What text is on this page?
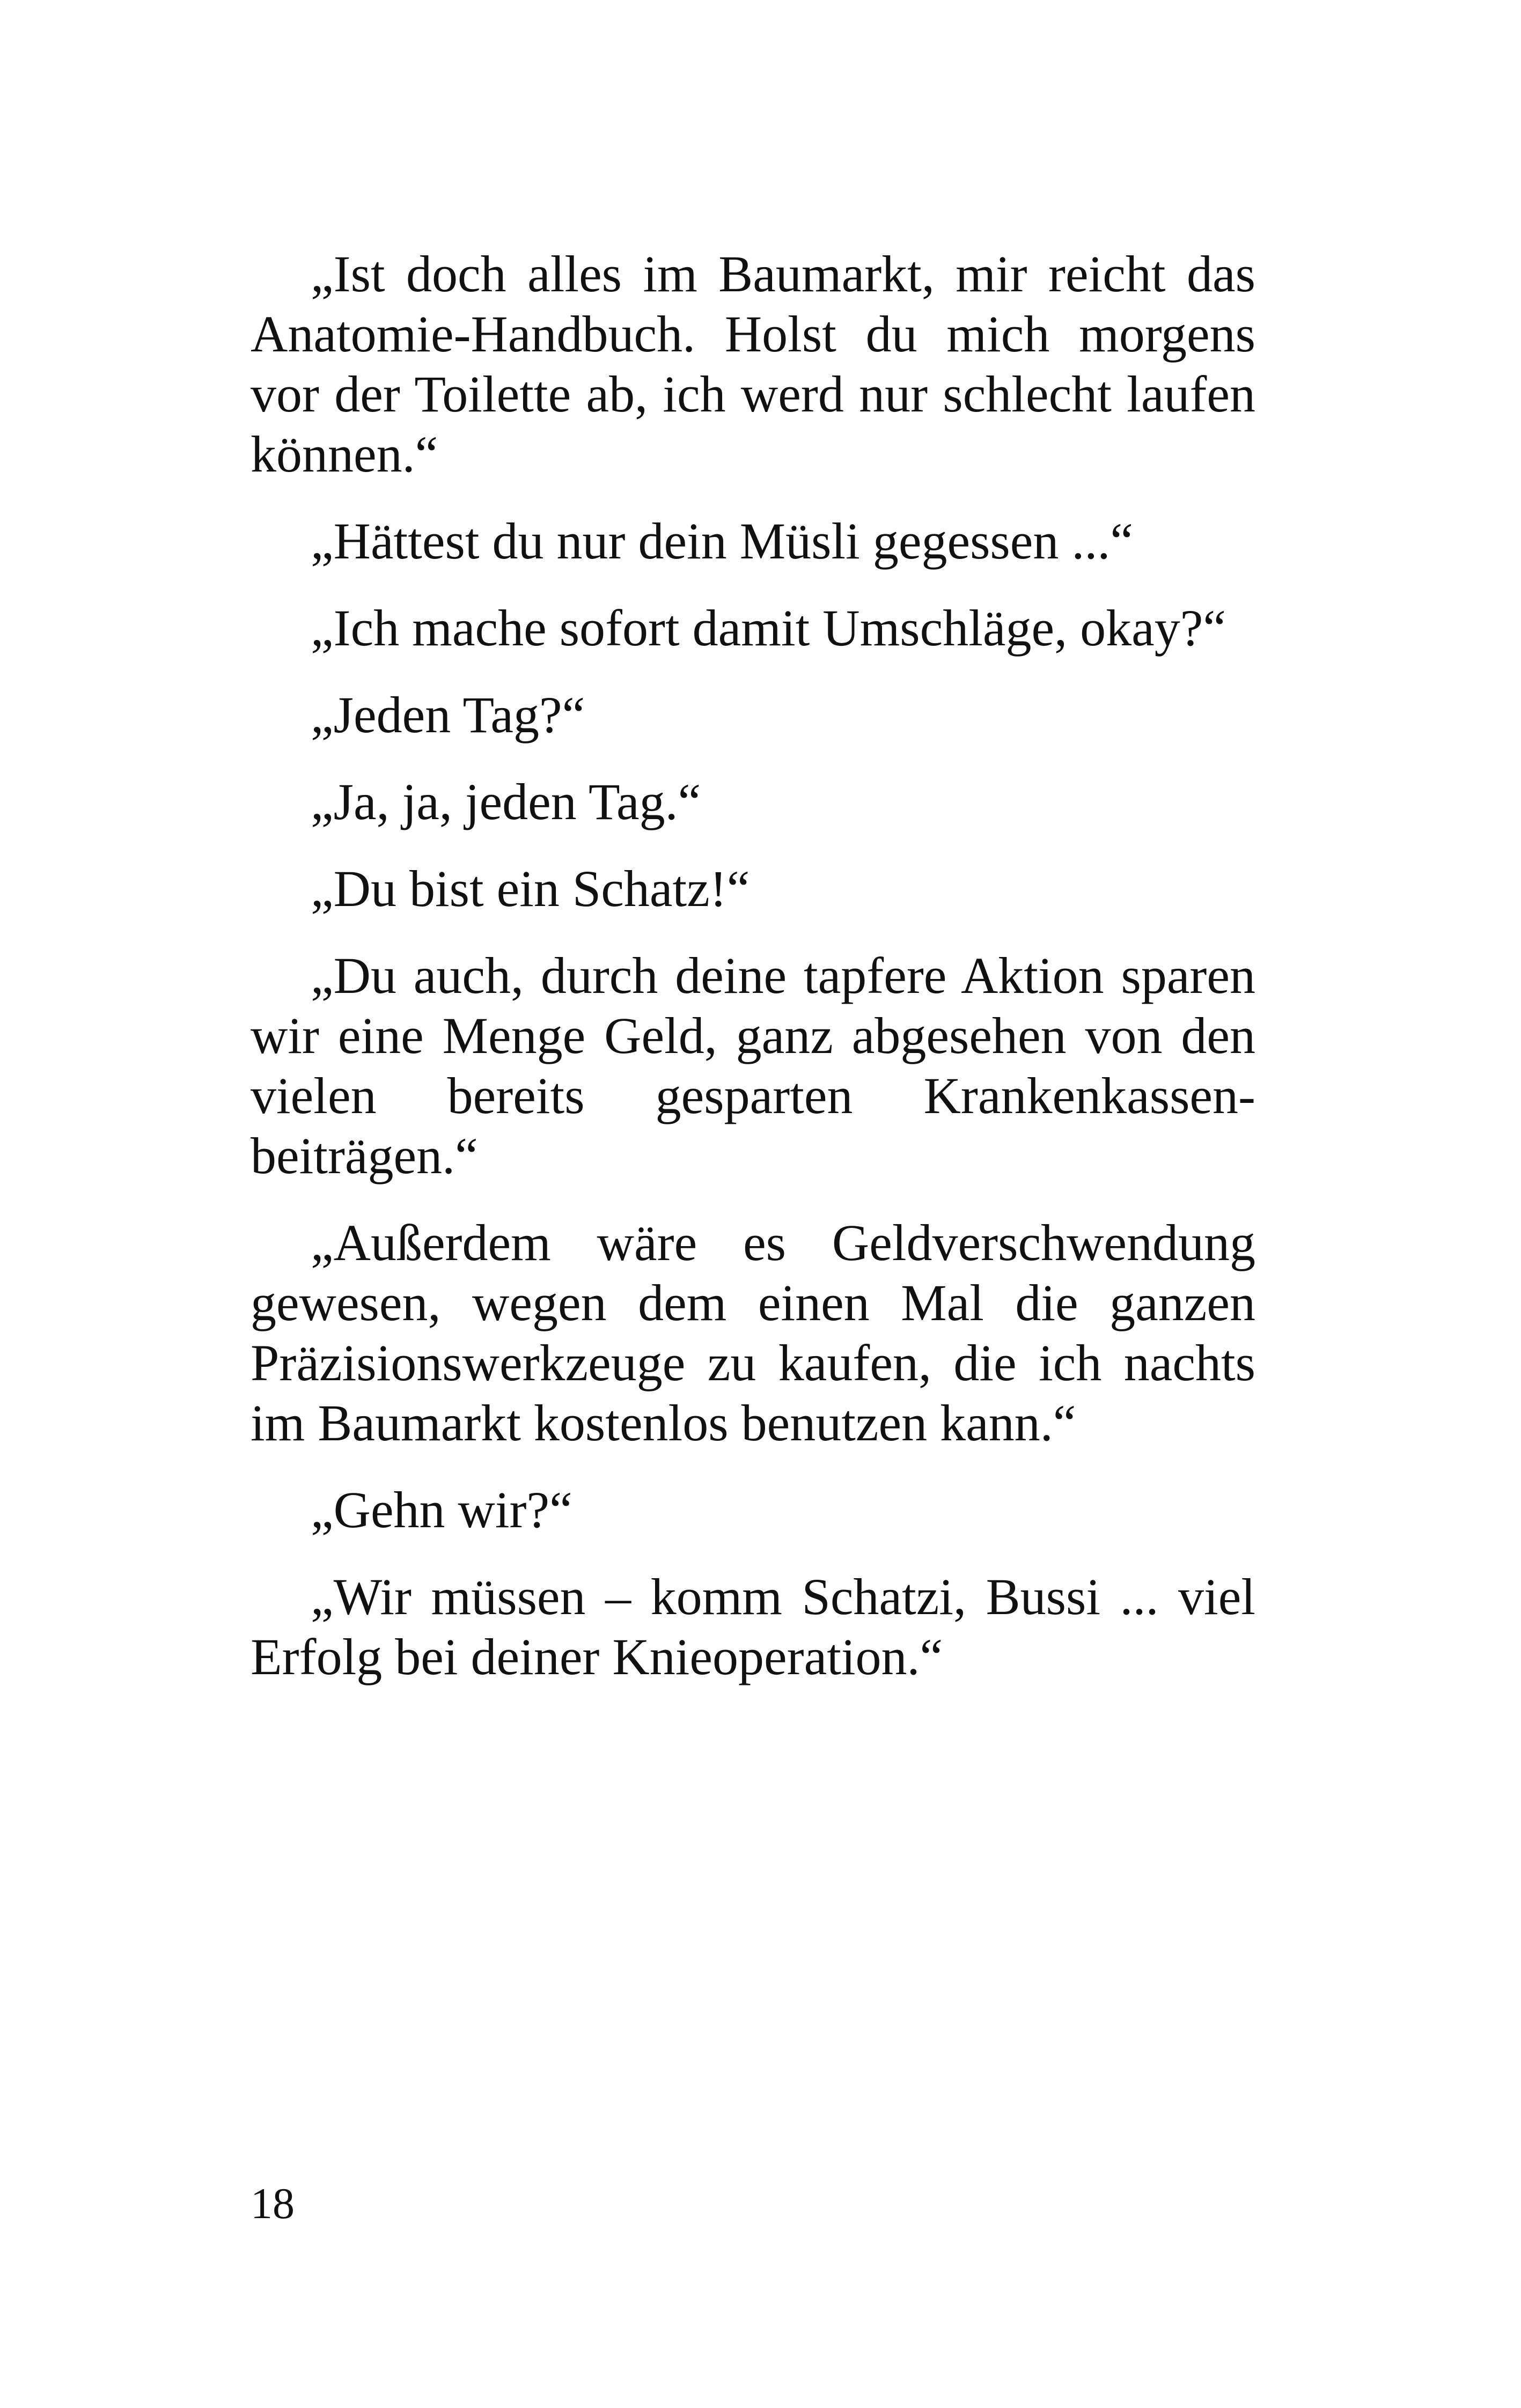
„Ist doch alles im Baumarkt, mir reicht das Anatomie-Handbuch. Holst du mich morgens vor der Toilette ab, ich werd nur schlecht laufen können.“

„Hättest du nur dein Müsli gegessen ...“

„Ich mache sofort damit Umschläge, okay?“

„Jeden Tag?“

„Ja, ja, jeden Tag.“

„Du bist ein Schatz!“

„Du auch, durch deine tapfere Aktion sparen wir eine Menge Geld, ganz abgesehen von den vielen bereits gesparten Krankenkassenbeiträgen.“

„Außerdem wäre es Geldverschwendung gewesen, wegen dem einen Mal die ganzen Präzisionswerkzeuge zu kaufen, die ich nachts im Baumarkt kostenlos benutzen kann.“

„Gehn wir?“

„Wir müssen – komm Schatzi, Bussi ... viel Erfolg bei deiner Knieoperation.“

18
